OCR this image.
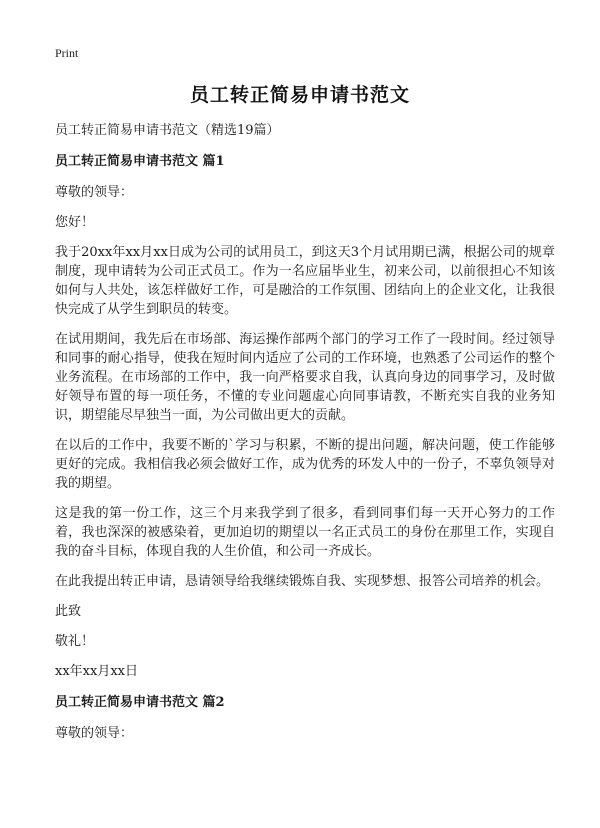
Print
员工转正简易申请书范文

员工转正简易申请书范文（精选19篇）

员工转正简易申请书范文 篇1

尊敬的领导：

您好！

我于20xx年xx月xx日成为公司的试用员工，到这天3个月试用期已满，根据公司的规章制度，现申请转为公司正式员工。作为一名应届毕业生，初来公司，以前很担心不知该如何与人共处，该怎样做好工作，可是融洽的工作氛围、团结向上的企业文化，让我很快完成了从学生到职员的转变。

在试用期间，我先后在市场部、海运操作部两个部门的学习工作了一段时间。经过领导和同事的耐心指导，使我在短时间内适应了公司的工作环境，也熟悉了公司运作的整个业务流程。在市场部的工作中，我一向严格要求自我，认真向身边的同事学习，及时做好领导布置的每一项任务，不懂的专业问题虚心向同事请教，不断充实自我的业务知识，期望能尽早独当一面，为公司做出更大的贡献。

在以后的工作中，我要不断的`学习与积累，不断的提出问题，解决问题，使工作能够更好的完成。我相信我必须会做好工作，成为优秀的环发人中的一份子，不辜负领导对我的期望。

这是我的第一份工作，这三个月来我学到了很多，看到同事们每一天开心努力的工作着，我也深深的被感染着，更加迫切的期望以一名正式员工的身份在那里工作，实现自我的奋斗目标，体现自我的人生价值，和公司一齐成长。

在此我提出转正申请，恳请领导给我继续锻炼自我、实现梦想、报答公司培养的机会。

此致

敬礼！

xx年xx月xx日

员工转正简易申请书范文 篇2

尊敬的领导：
